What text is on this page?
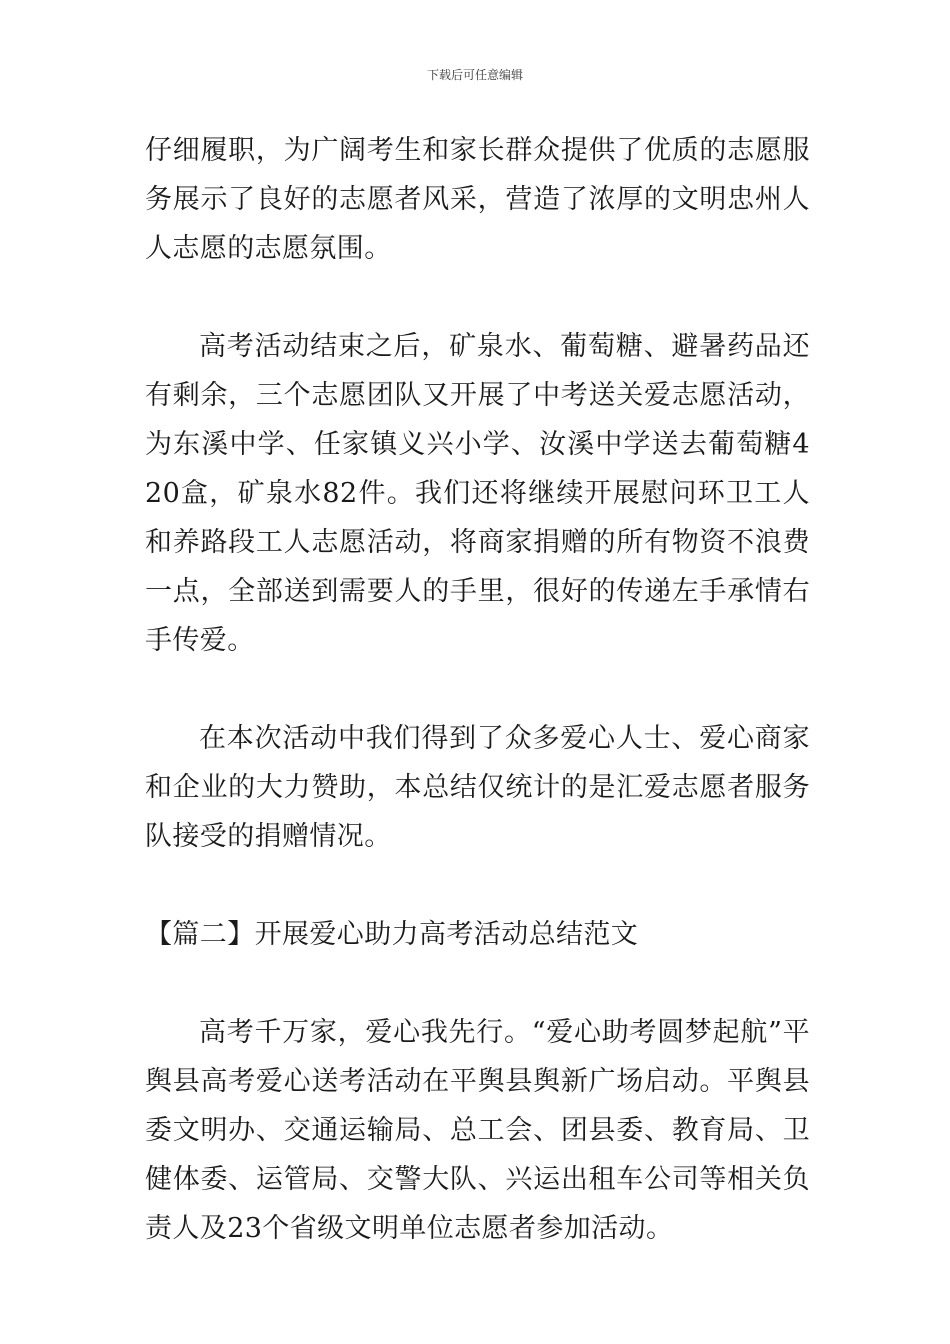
下载后可任意编辑

仔细履职，为广阔考生和家长群众提供了优质的志愿服务展示了良好的志愿者风采，营造了浓厚的文明忠州人人志愿的志愿氛围。

高考活动结束之后，矿泉水、葡萄糖、避暑药品还有剩余，三个志愿团队又开展了中考送关爱志愿活动，为东溪中学、任家镇义兴小学、汝溪中学送去葡萄糖420盒，矿泉水82件。我们还将继续开展慰问环卫工人和养路段工人志愿活动，将商家捐赠的所有物资不浪费一点，全部送到需要人的手里，很好的传递左手承情右手传爱。

在本次活动中我们得到了众多爱心人士、爱心商家和企业的大力赞助，本总结仅统计的是汇爱志愿者服务队接受的捐赠情况。

【篇二】开展爱心助力高考活动总结范文

高考千万家，爱心我先行。“爱心助考圆梦起航”平舆县高考爱心送考活动在平舆县舆新广场启动。平舆县委文明办、交通运输局、总工会、团县委、教育局、卫健体委、运管局、交警大队、兴运出租车公司等相关负责人及23个省级文明单位志愿者参加活动。
